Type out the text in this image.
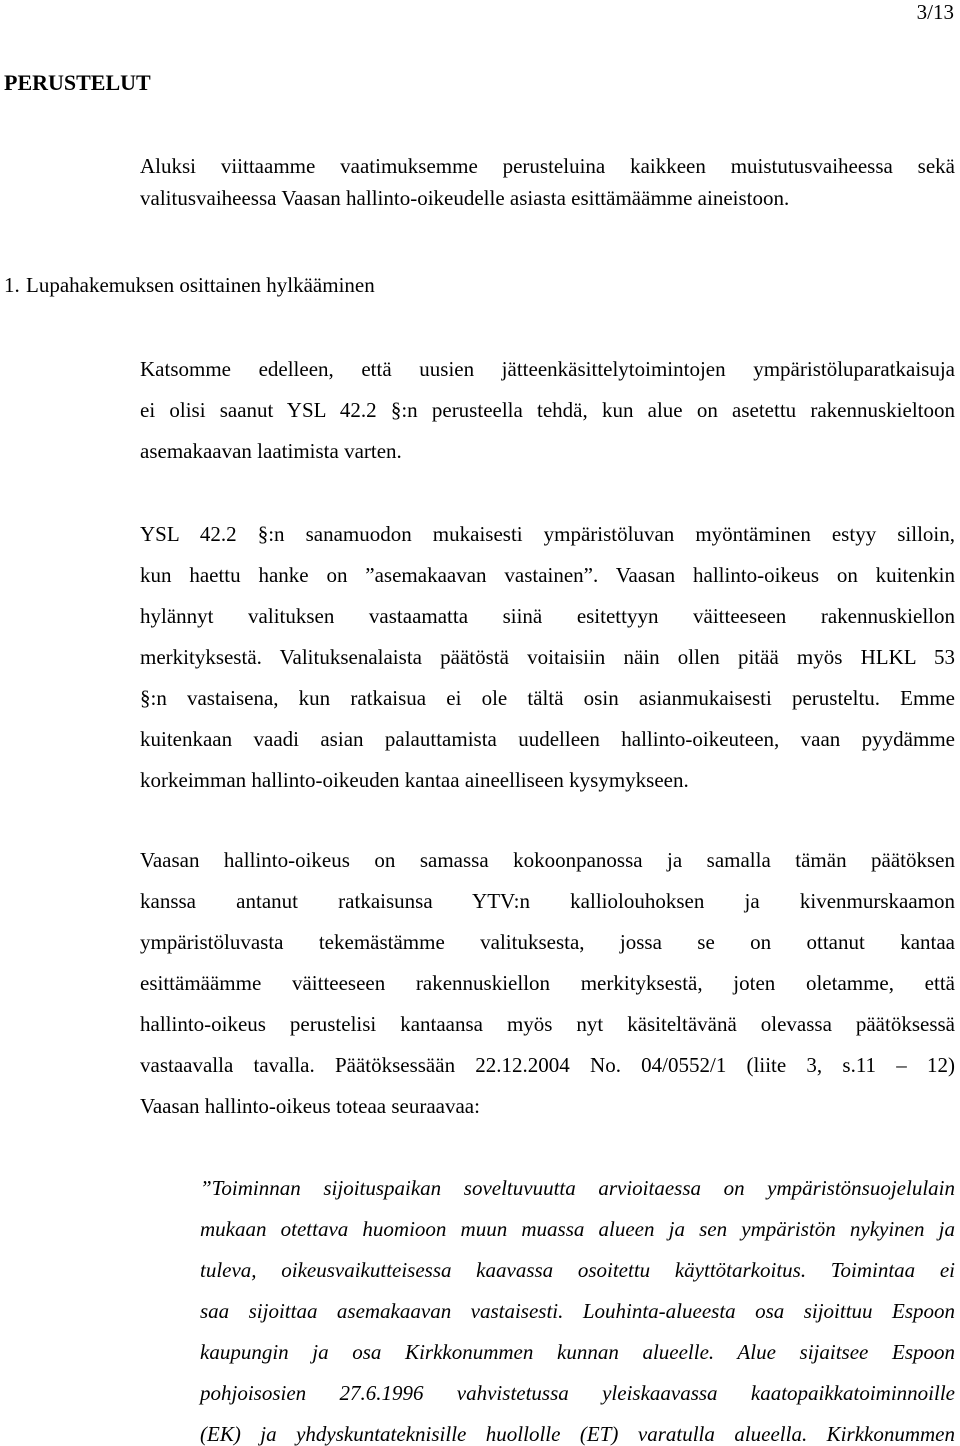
3/13
PERUSTELUT
Aluksi viittaamme vaatimuksemme perusteluina kaikkeen muistutusvaiheessa sekä
valitusvaiheessa Vaasan hallinto-oikeudelle asiasta esittämäämme aineistoon.
1. Lupahakemuksen osittainen hylkääminen
Katsomme edelleen, että uusien jätteenkäsittelytoimintojen ympäristöluparatkaisuja
ei olisi saanut YSL 42.2 §:n perusteella tehdä, kun alue on asetettu rakennuskieltoon
asemakaavan laatimista varten.
YSL 42.2 §:n sanamuodon mukaisesti ympäristöluvan myöntäminen estyy silloin,
kun haettu hanke on ”asemakaavan vastainen”. Vaasan hallinto-oikeus on kuitenkin
hylännyt valituksen vastaamatta siinä esitettyyn väitteeseen rakennuskiellon
merkityksestä. Valituksenalaista päätöstä voitaisiin näin ollen pitää myös HLKL 53
§:n vastaisena, kun ratkaisua ei ole tältä osin asianmukaisesti perusteltu. Emme
kuitenkaan vaadi asian palauttamista uudelleen hallinto-oikeuteen, vaan pyydämme
korkeimman hallinto-oikeuden kantaa aineelliseen kysymykseen.
Vaasan hallinto-oikeus on samassa kokoonpanossa ja samalla tämän päätöksen
kanssa antanut ratkaisunsa YTV:n kalliolouhoksen ja kivenmurskaamon
ympäristöluvasta tekemästämme valituksesta, jossa se on ottanut kantaa
esittämäämme väitteeseen rakennuskiellon merkityksestä, joten oletamme, että
hallinto-oikeus perustelisi kantaansa myös nyt käsiteltävänä olevassa päätöksessä
vastaavalla tavalla. Päätöksessään 22.12.2004 No. 04/0552/1 (liite 3, s.11 – 12)
Vaasan hallinto-oikeus toteaa seuraavaa:
”Toiminnan sijoituspaikan soveltuvuutta arvioitaessa on ympäristönsuojelulain
mukaan otettava huomioon muun muassa alueen ja sen ympäristön nykyinen ja
tuleva, oikeusvaikutteisessa kaavassa osoitettu käyttötarkoitus. Toimintaa ei
saa sijoittaa asemakaavan vastaisesti. Louhinta-alueesta osa sijoittuu Espoon
kaupungin ja osa Kirkkonummen kunnan alueelle. Alue sijaitsee Espoon
pohjoisosien 27.6.1996 vahvistetussa yleiskaavassa kaatopaikkatoiminnoille
(EK) ja yhdyskuntateknisille huollolle (ET) varatulla alueella. Kirkkonummen
